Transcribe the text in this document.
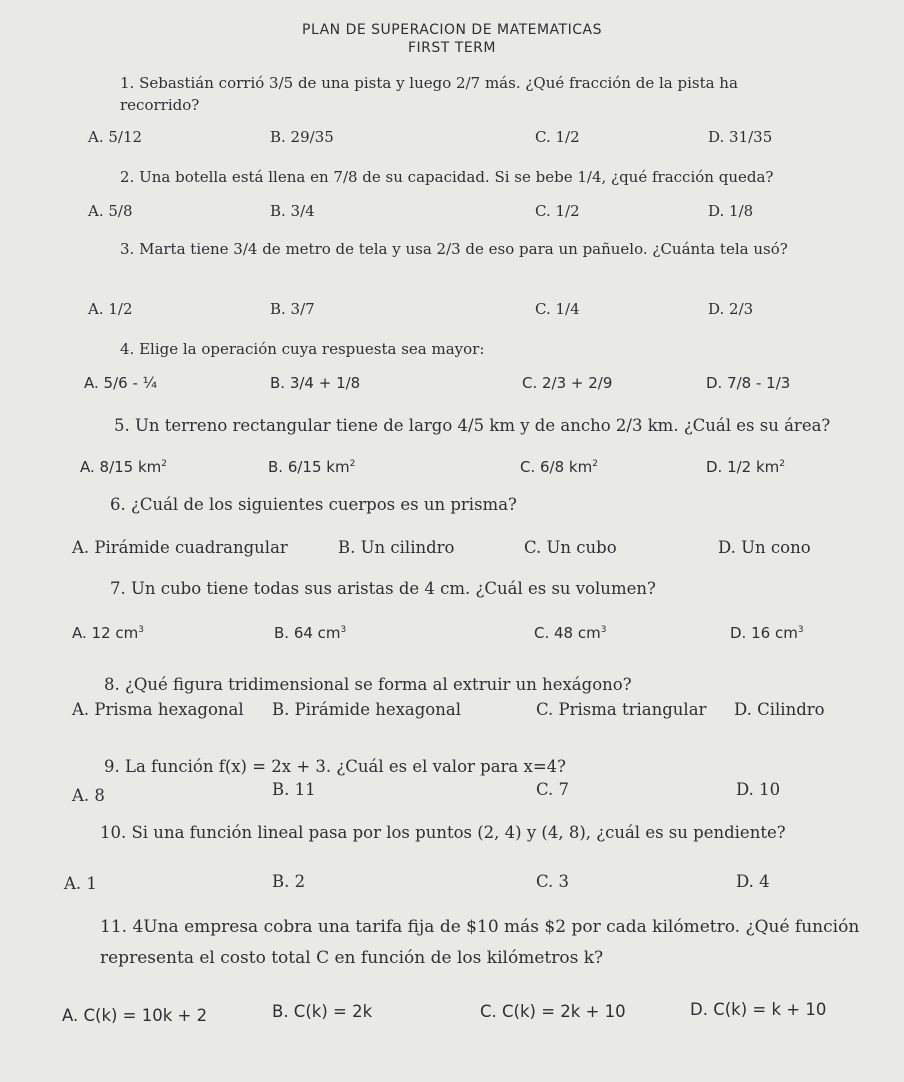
PLAN DE SUPERACION DE MATEMATICAS
FIRST TERM
1. Sebastián corrió 3/5 de una pista y luego 2/7 más. ¿Qué fracción de la pista ha recorrido?
A. 5/12	B. 29/35	C. 1/2	D. 31/35
2. Una botella está llena en 7/8 de su capacidad. Si se bebe 1/4, ¿qué fracción queda?
A. 5/8	B. 3/4	C. 1/2	D. 1/8
3. Marta tiene 3/4 de metro de tela y usa 2/3 de eso para un pañuelo. ¿Cuánta tela usó?
A. 1/2	B. 3/7	C. 1/4	D. 2/3
4. Elige la operación cuya respuesta sea mayor:
A. 5/6 - ¼	B. 3/4 + 1/8	C. 2/3 + 2/9	D. 7/8 - 1/3
5. Un terreno rectangular tiene de largo 4/5 km y de ancho 2/3 km. ¿Cuál es su área?
A. 8/15 $km^2$	B. 6/15 $km^2$	C. 6/8 $km^2$	D. 1/2 $km^2$
6. ¿Cuál de los siguientes cuerpos es un prisma?
A. Pirámide cuadrangular	B. Un cilindro	C. Un cubo	D. Un cono
7. Un cubo tiene todas sus aristas de 4 cm. ¿Cuál es su volumen?
A. 12 $cm^3$	B. 64 $cm^3$	C. 48 $cm^3$	D. 16 $cm^3$
8. ¿Qué figura tridimensional se forma al extruir un hexágono?
A. Prisma hexagonal B. Pirámide hexagonal	C. Prisma triangular D. Cilindro
9. La función f(x) = 2x + 3. ¿Cuál es el valor para x=4?
A. 8	B. 11	C. 7	D. 10
10. Si una función lineal pasa por los puntos (2, 4) y (4, 8), ¿cuál es su pendiente?
A. 1	B. 2	C. 3	D. 4
11. 4Una empresa cobra una tarifa fija de $10 más $2 por cada kilómetro. ¿Qué función representa el costo total C en función de los kilómetros k?
A. C(k) = 10k + 2	B. C(k) = 2k	C. C(k) = 2k + 10	D. C(k) = k + 10
